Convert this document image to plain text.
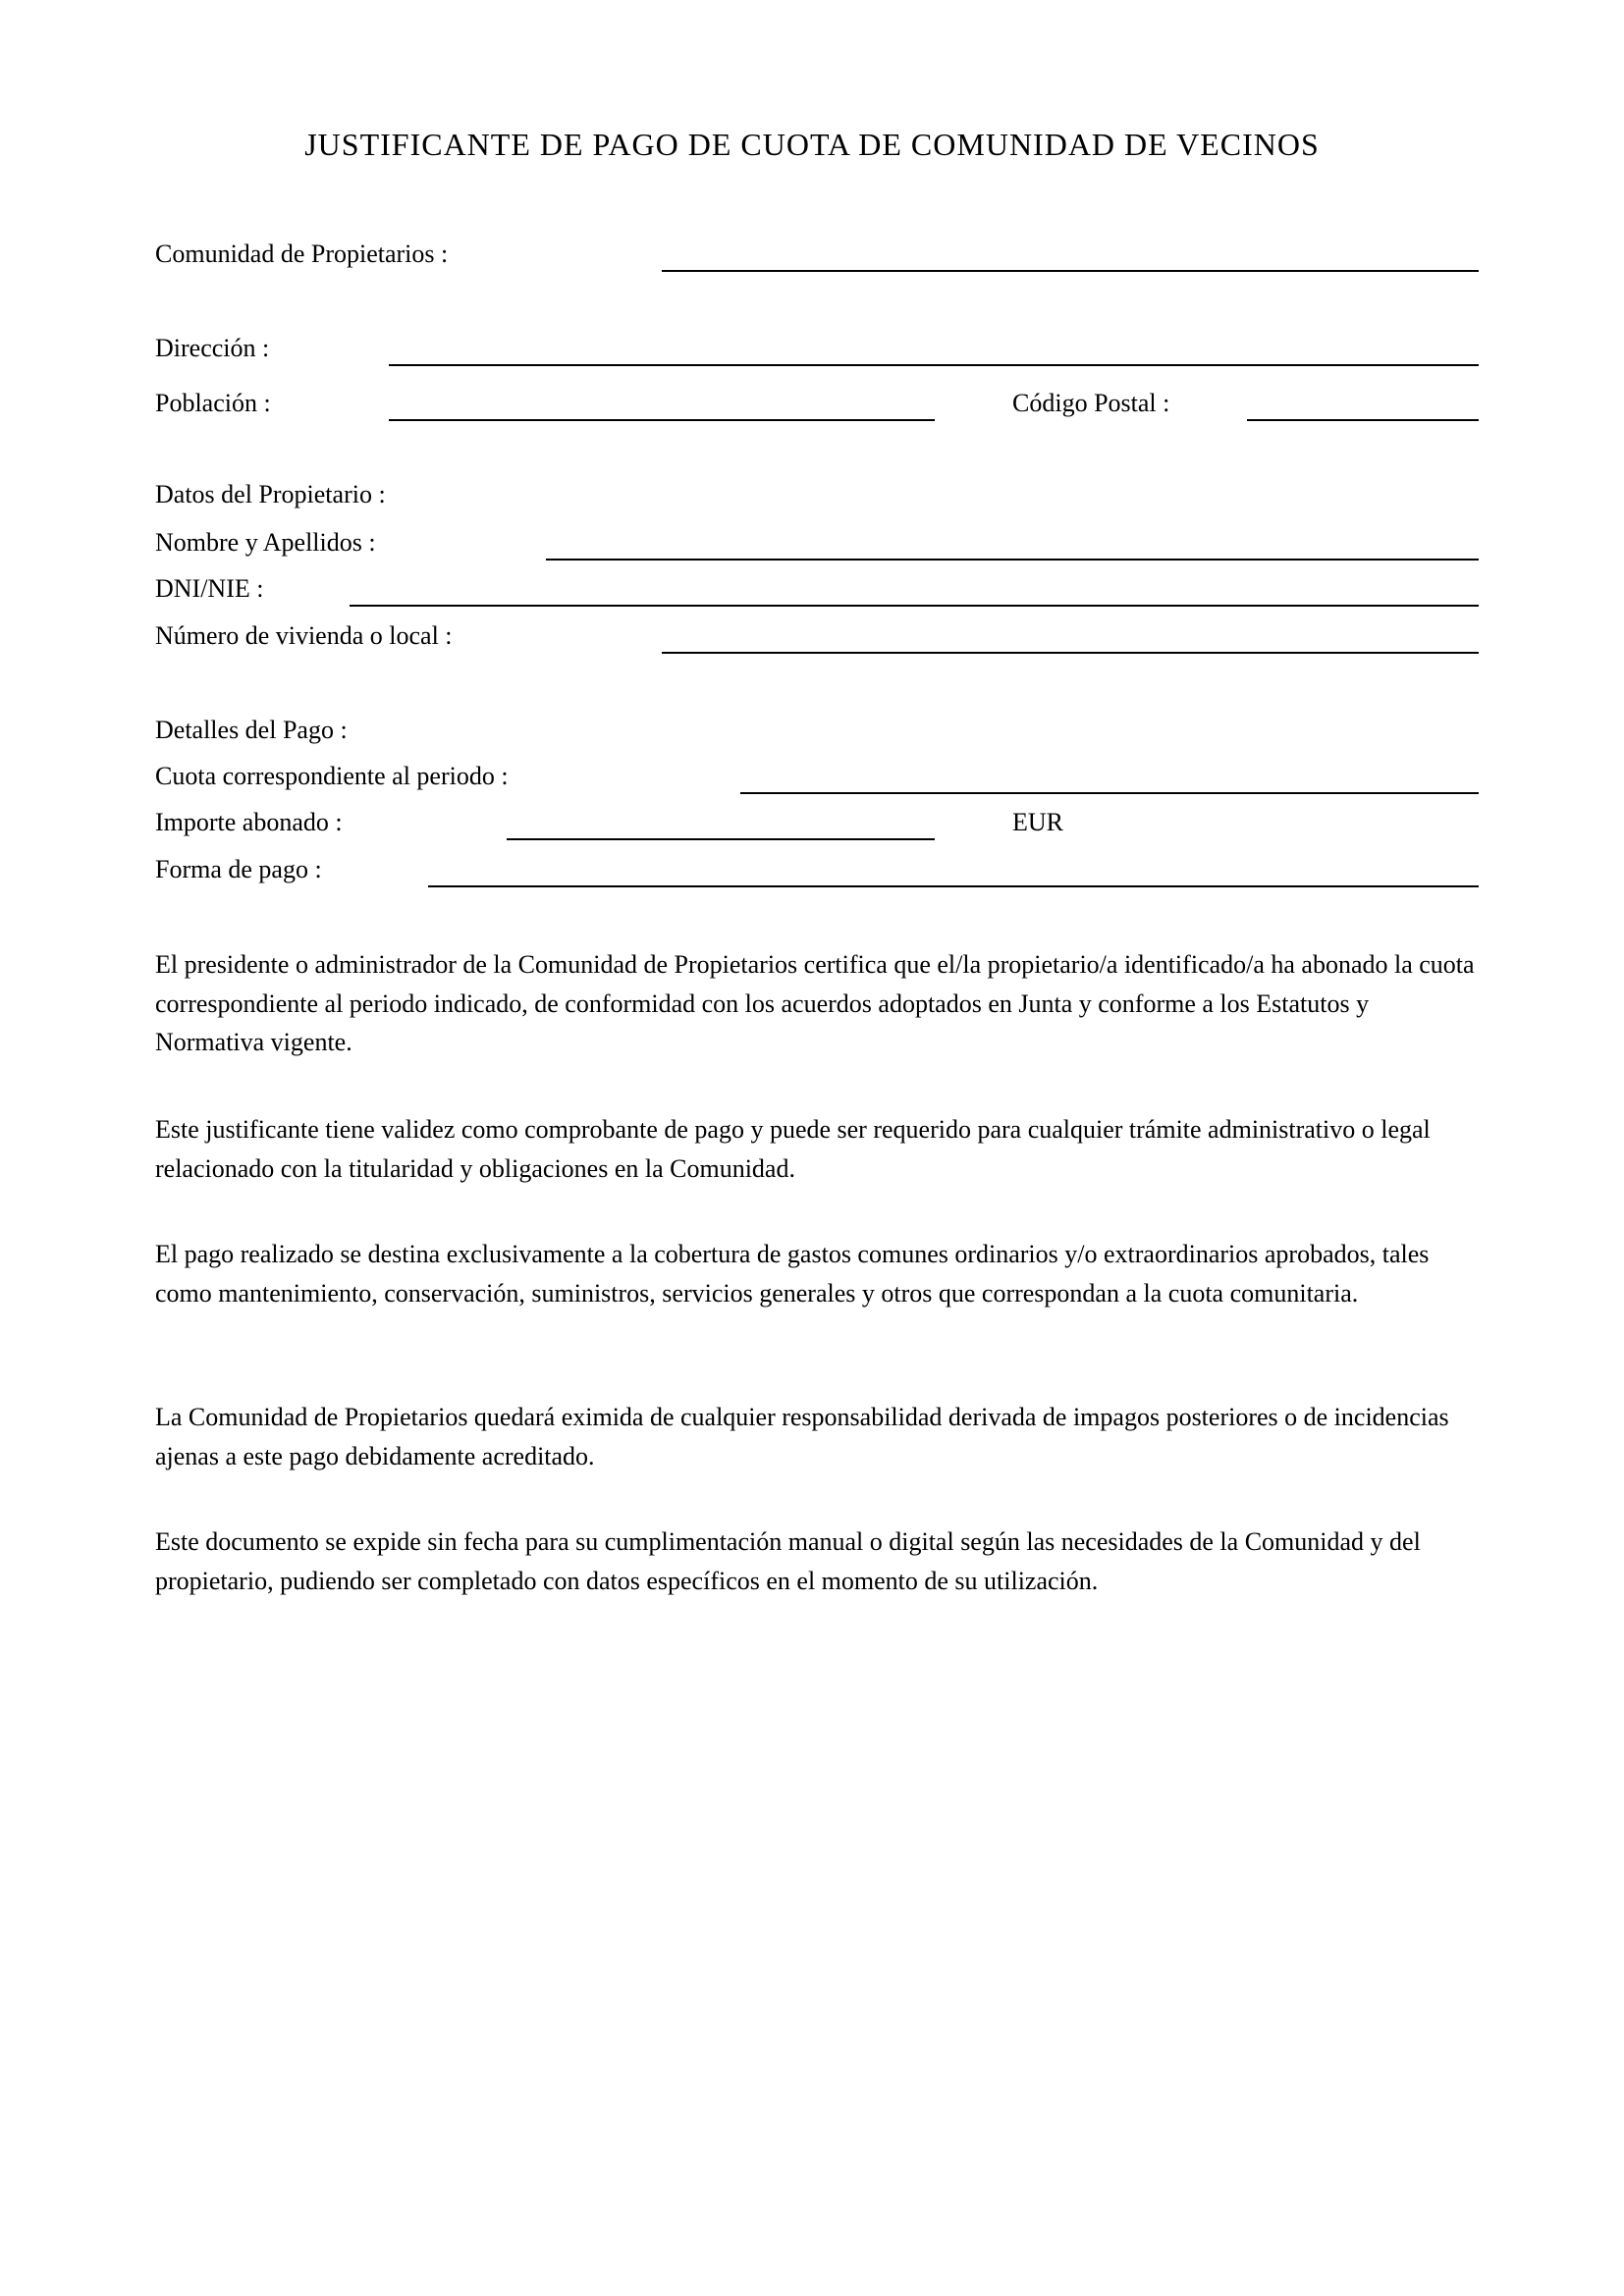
JUSTIFICANTE DE PAGO DE CUOTA DE COMUNIDAD DE VECINOS
Comunidad de Propietarios :
Dirección :
Población :	Código Postal :
Datos del Propietario :
Nombre y Apellidos :
DNI/NIE :
Número de vivienda o local :
Detalles del Pago :
Cuota correspondiente al periodo :
Importe abonado :	EUR
Forma de pago :
El presidente o administrador de la Comunidad de Propietarios certifica que el/la propietario/a identificado/a ha abonado la cuota correspondiente al periodo indicado, de conformidad con los acuerdos adoptados en Junta y conforme a los Estatutos y Normativa vigente.
Este justificante tiene validez como comprobante de pago y puede ser requerido para cualquier trámite administrativo o legal relacionado con la titularidad y obligaciones en la Comunidad.
El pago realizado se destina exclusivamente a la cobertura de gastos comunes ordinarios y/o extraordinarios aprobados, tales como mantenimiento, conservación, suministros, servicios generales y otros que correspondan a la cuota comunitaria.
La Comunidad de Propietarios quedará eximida de cualquier responsabilidad derivada de impagos posteriores o de incidencias ajenas a este pago debidamente acreditado.
Este documento se expide sin fecha para su cumplimentación manual o digital según las necesidades de la Comunidad y del propietario, pudiendo ser completado con datos específicos en el momento de su utilización.
